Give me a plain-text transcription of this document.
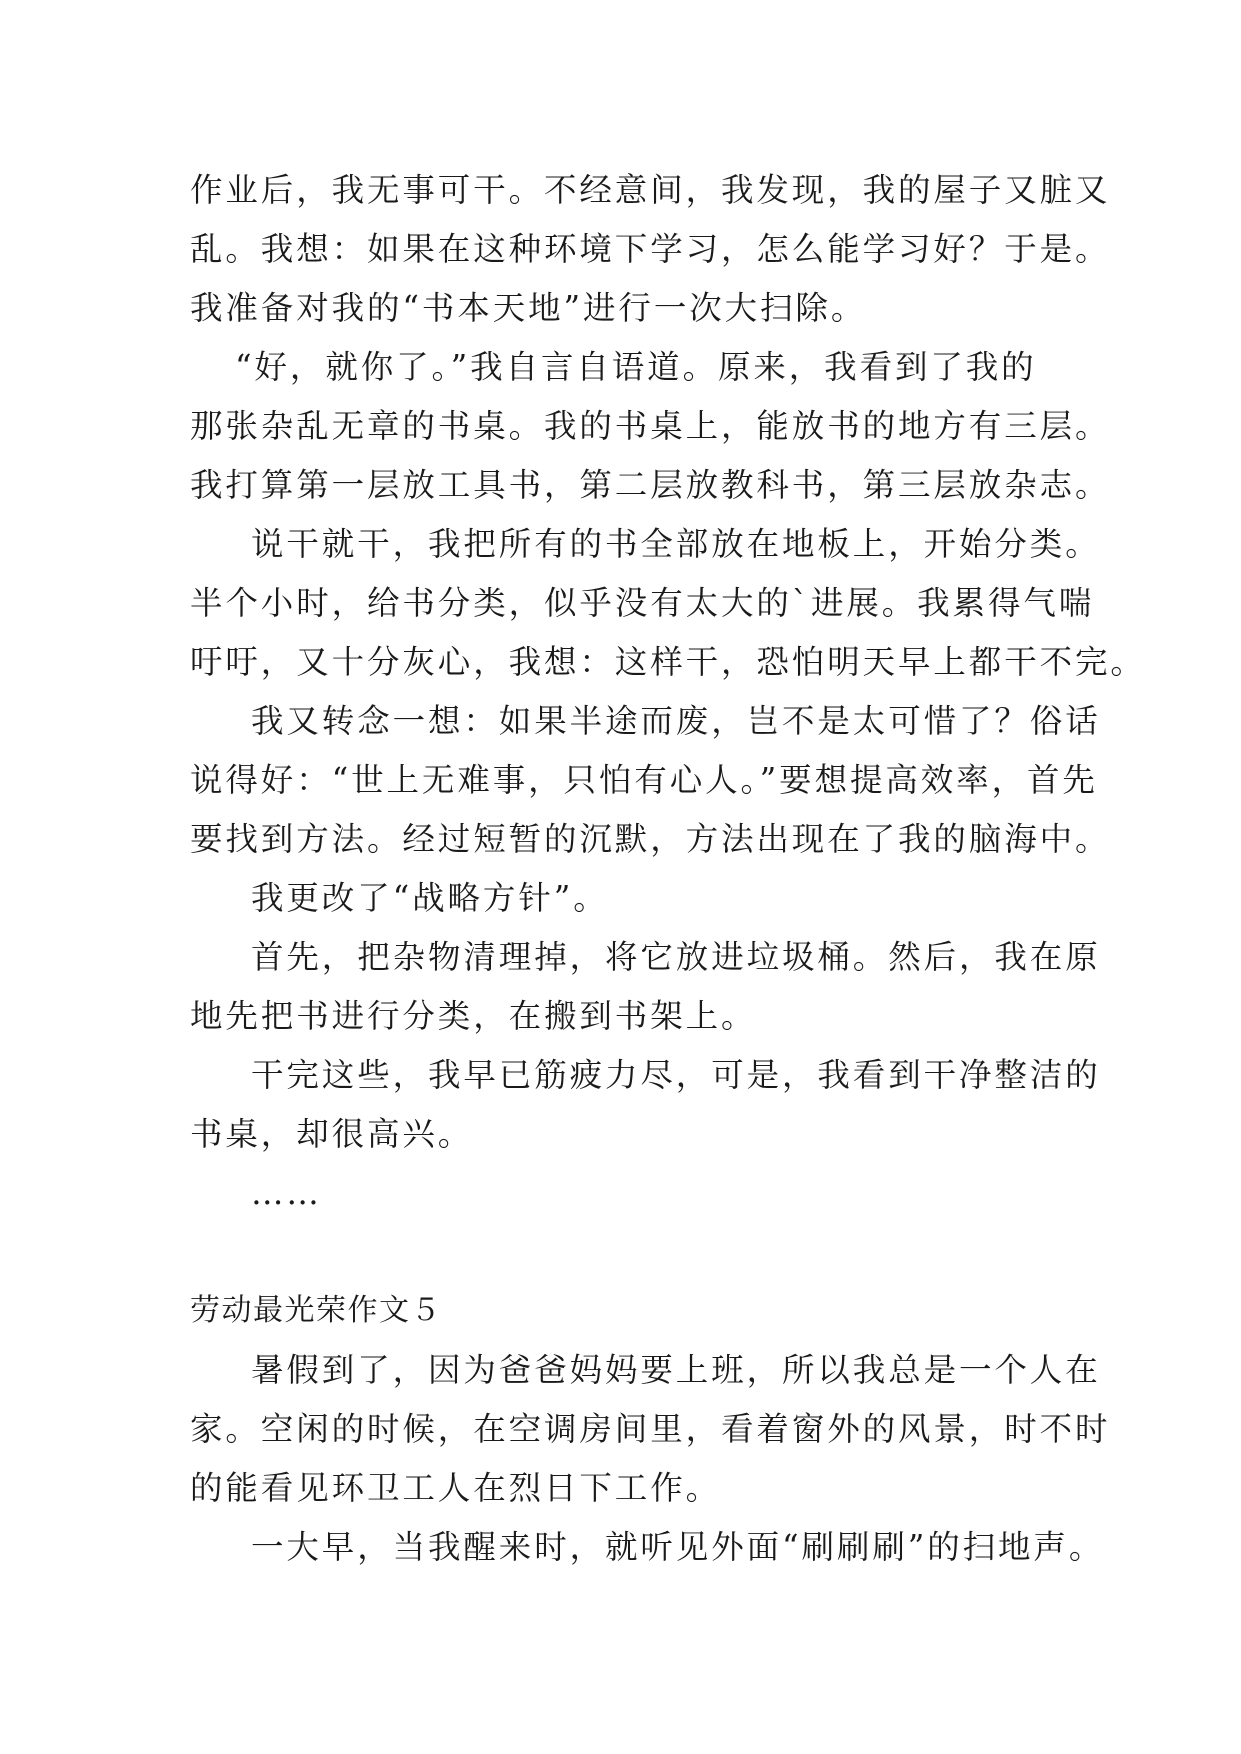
作业后，我无事可干。不经意间，我发现，我的屋子又脏又
乱。我想：如果在这种环境下学习，怎么能学习好？于是。
我准备对我的“书本天地”进行一次大扫除。
“好，就你了。”我自言自语道。原来，我看到了我的
那张杂乱无章的书桌。我的书桌上，能放书的地方有三层。
我打算第一层放工具书，第二层放教科书，第三层放杂志。
说干就干，我把所有的书全部放在地板上，开始分类。
半个小时，给书分类，似乎没有太大的`进展。我累得气喘
吁吁，又十分灰心，我想：这样干，恐怕明天早上都干不完。
我又转念一想：如果半途而废，岂不是太可惜了？俗话
说得好：“世上无难事，只怕有心人。”要想提高效率，首先
要找到方法。经过短暂的沉默，方法出现在了我的脑海中。
我更改了“战略方针”。
首先，把杂物清理掉，将它放进垃圾桶。然后，我在原
地先把书进行分类，在搬到书架上。
干完这些，我早已筋疲力尽，可是，我看到干净整洁的
书桌，却很高兴。
……
劳动最光荣作文５
暑假到了，因为爸爸妈妈要上班，所以我总是一个人在
家。空闲的时候，在空调房间里，看着窗外的风景，时不时
的能看见环卫工人在烈日下工作。
一大早，当我醒来时，就听见外面“刷刷刷”的扫地声。
